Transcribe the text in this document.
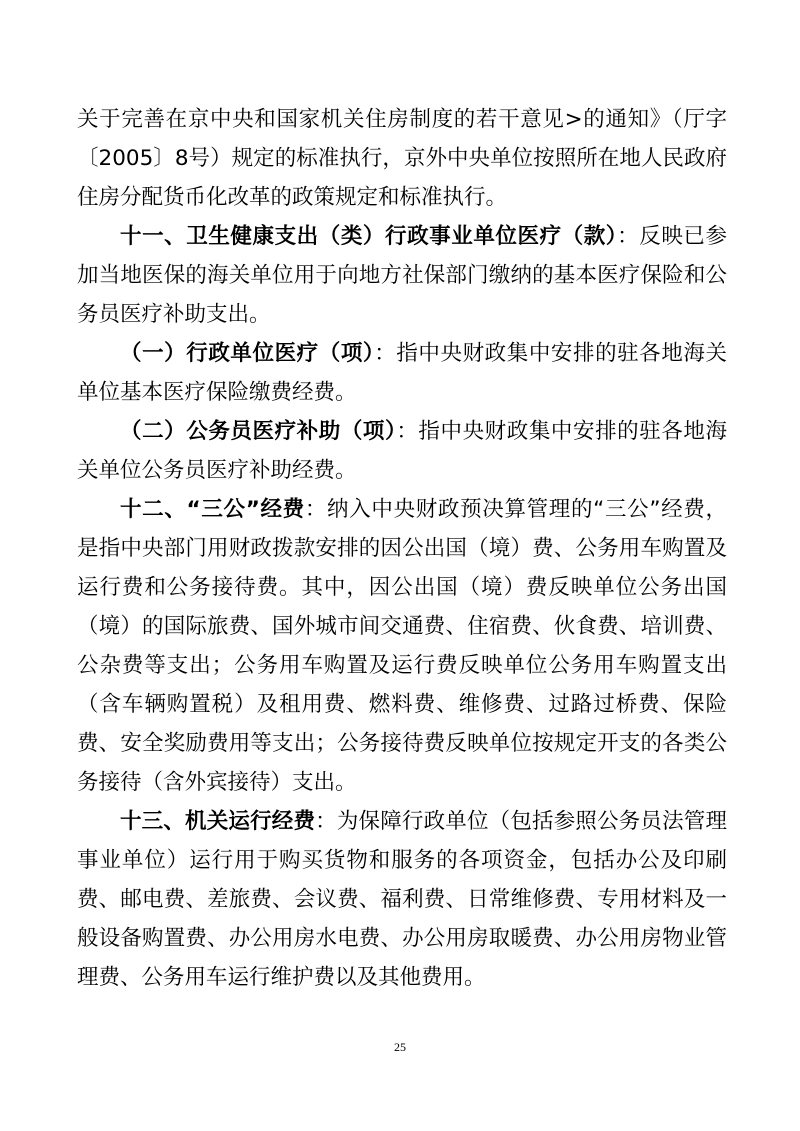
关于完善在京中央和国家机关住房制度的若干意见>的通知》（厅字〔2005〕8号）规定的标准执行，京外中央单位按照所在地人民政府住房分配货币化改革的政策规定和标准执行。

十一、卫生健康支出（类）行政事业单位医疗（款）：反映已参加当地医保的海关单位用于向地方社保部门缴纳的基本医疗保险和公务员医疗补助支出。

（一）行政单位医疗（项）：指中央财政集中安排的驻各地海关单位基本医疗保险缴费经费。

（二）公务员医疗补助（项）：指中央财政集中安排的驻各地海关单位公务员医疗补助经费。

十二、“三公”经费：纳入中央财政预决算管理的“三公”经费，是指中央部门用财政拨款安排的因公出国（境）费、公务用车购置及运行费和公务接待费。其中，因公出国（境）费反映单位公务出国（境）的国际旅费、国外城市间交通费、住宿费、伙食费、培训费、公杂费等支出；公务用车购置及运行费反映单位公务用车购置支出（含车辆购置税）及租用费、燃料费、维修费、过路过桥费、保险费、安全奖励费用等支出；公务接待费反映单位按规定开支的各类公务接待（含外宾接待）支出。

十三、机关运行经费：为保障行政单位（包括参照公务员法管理事业单位）运行用于购买货物和服务的各项资金，包括办公及印刷费、邮电费、差旅费、会议费、福利费、日常维修费、专用材料及一般设备购置费、办公用房水电费、办公用房取暖费、办公用房物业管理费、公务用车运行维护费以及其他费用。

25
